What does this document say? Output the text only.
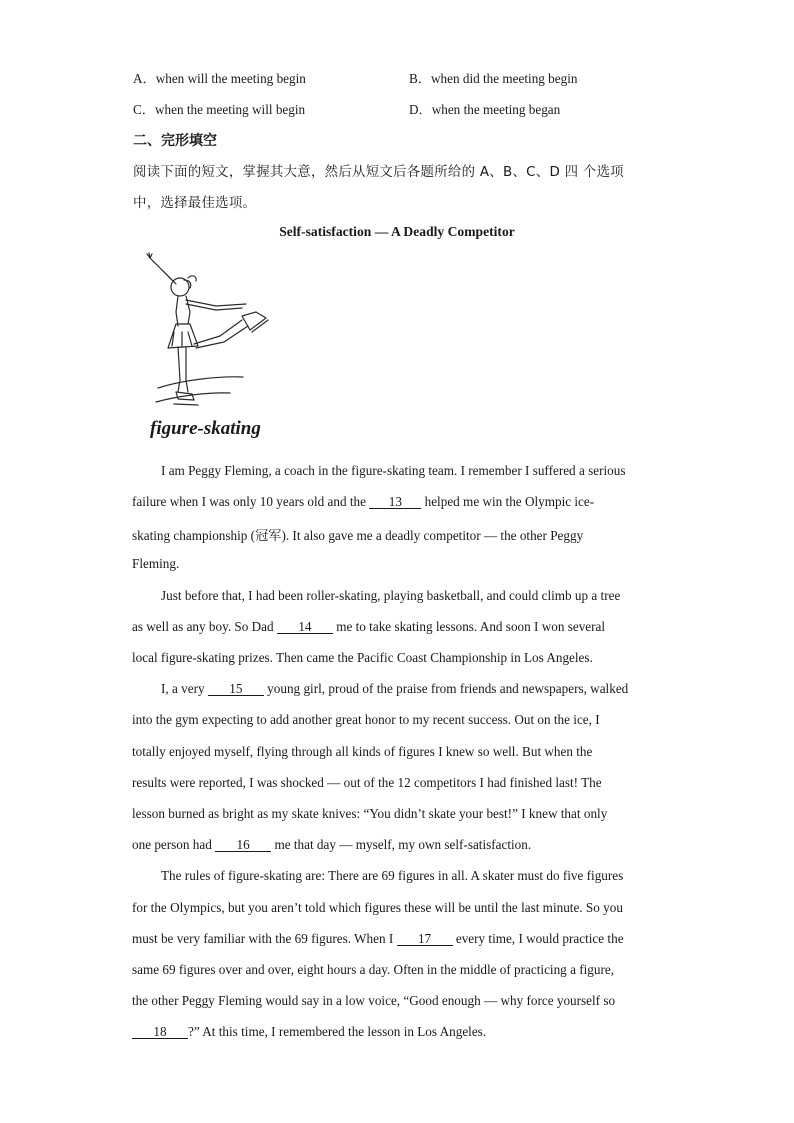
A．when will the meeting begin	B．when did the meeting begin
C．when the meeting will begin	D．when the meeting began
二、完形填空
阅读下面的短文，掌握其大意，然后从短文后各题所给的 A、B、C、D 四 个选项
中，选择最佳选项。
Self-satisfaction — A Deadly Competitor
figure-skating
I am Peggy Fleming, a coach in the figure-skating team. I remember I suffered a serious
failure when I was only 10 years old and the 13 helped me win the Olympic ice-
skating championship (冠军). It also gave me a deadly competitor — the other Peggy
Fleming.
Just before that, I had been roller-skating, playing basketball, and could climb up a tree
as well as any boy. So Dad 14 me to take skating lessons. And soon I won several
local figure-skating prizes. Then came the Pacific Coast Championship in Los Angeles.
I, a very 15 young girl, proud of the praise from friends and newspapers, walked
into the gym expecting to add another great honor to my recent success. Out on the ice, I
totally enjoyed myself, flying through all kinds of figures I knew so well. But when the
results were reported, I was shocked — out of the 12 competitors I had finished last! The
lesson burned as bright as my skate knives: “You didn’t skate your best!” I knew that only
one person had 16 me that day — myself, my own self-satisfaction.
The rules of figure-skating are: There are 69 figures in all. A skater must do five figures
for the Olympics, but you aren’t told which figures these will be until the last minute. So you
must be very familiar with the 69 figures. When I 17 every time, I would practice the
same 69 figures over and over, eight hours a day. Often in the middle of practicing a figure,
the other Peggy Fleming would say in a low voice, “Good enough — why force yourself so
18 ?” At this time, I remembered the lesson in Los Angeles.
